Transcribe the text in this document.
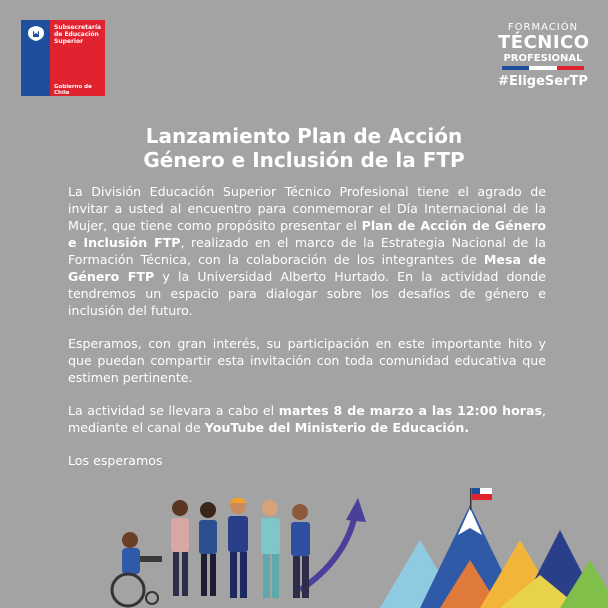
Subsecretaría
de Educación
Superior
Gobierno de Chile
FORMACIÓN
TÉCNICO
PROFESIONAL
#EligeSerTP
Lanzamiento Plan de Acción
Género e Inclusión de la FTP

La División Educación Superior Técnico Profesional tiene el agrado de invitar a usted al encuentro para conmemorar el Día Internacional de la Mujer, que tiene como propósito presentar el Plan de Acción de Género e Inclusión FTP, realizado en el marco de la Estrategia Nacional de la Formación Técnica, con la colaboración de los integrantes de Mesa de Género FTP y la Universidad Alberto Hurtado. En la actividad donde tendremos un espacio para dialogar sobre los desafíos de género e inclusión del futuro.

Esperamos, con gran interés, su participación en este importante hito y que puedan compartir esta invitación con toda comunidad educativa que estimen pertinente.

La actividad se llevara a cabo el martes 8 de marzo a las 12:00 horas, mediante el canal de YouTube del Ministerio de Educación.

Los esperamos
